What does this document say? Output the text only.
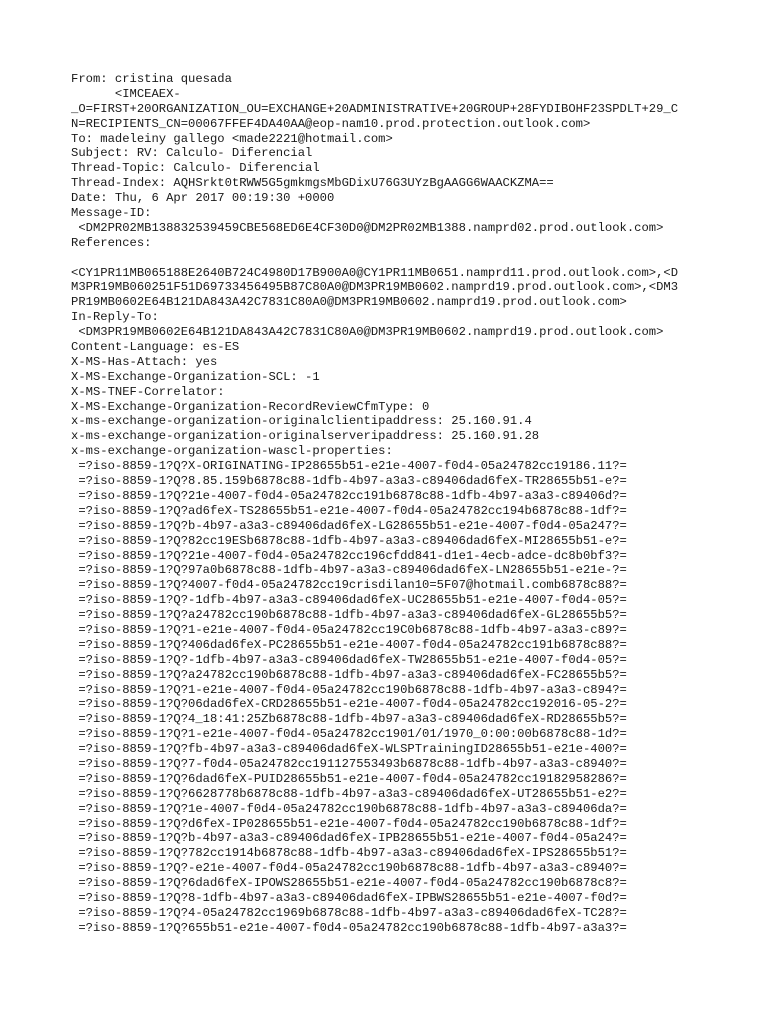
From: cristina quesada
<IMCEAEX-
_O=FIRST+20ORGANIZATION_OU=EXCHANGE+20ADMINISTRATIVE+20GROUP+28FYDIBOHF23SPDLT+29_C
N=RECIPIENTS_CN=00067FFEF4DA40AA@eop-nam10.prod.protection.outlook.com>
To: madeleiny gallego <made2221@hotmail.com>
Subject: RV: Calculo- Diferencial
Thread-Topic: Calculo- Diferencial
Thread-Index: AQHSrkt0tRWW5G5gmkmgsMbGDixU76G3UYzBgAAGG6WAACKZMA==
Date: Thu, 6 Apr 2017 00:19:30 +0000
Message-ID:
<DM2PR02MB138832539459CBE568ED6E4CF30D0@DM2PR02MB1388.namprd02.prod.outlook.com>
References:
<CY1PR11MB065188E2640B724C4980D17B900A0@CY1PR11MB0651.namprd11.prod.outlook.com>,<D
M3PR19MB060251F51D69733456495B87C80A0@DM3PR19MB0602.namprd19.prod.outlook.com>,<DM3
PR19MB0602E64B121DA843A42C7831C80A0@DM3PR19MB0602.namprd19.prod.outlook.com>
In-Reply-To:
<DM3PR19MB0602E64B121DA843A42C7831C80A0@DM3PR19MB0602.namprd19.prod.outlook.com>
Content-Language: es-ES
X-MS-Has-Attach: yes
X-MS-Exchange-Organization-SCL: -1
X-MS-TNEF-Correlator:
X-MS-Exchange-Organization-RecordReviewCfmType: 0
x-ms-exchange-organization-originalclientipaddress: 25.160.91.4
x-ms-exchange-organization-originalserveripaddress: 25.160.91.28
x-ms-exchange-organization-wascl-properties:
=?iso-8859-1?Q?X-ORIGINATING-IP28655b51-e21e-4007-f0d4-05a24782cc19186.11?=
=?iso-8859-1?Q?8.85.159b6878c88-1dfb-4b97-a3a3-c89406dad6feX-TR28655b51-e?=
=?iso-8859-1?Q?21e-4007-f0d4-05a24782cc191b6878c88-1dfb-4b97-a3a3-c89406d?=
=?iso-8859-1?Q?ad6feX-TS28655b51-e21e-4007-f0d4-05a24782cc194b6878c88-1df?=
=?iso-8859-1?Q?b-4b97-a3a3-c89406dad6feX-LG28655b51-e21e-4007-f0d4-05a247?=
=?iso-8859-1?Q?82cc19ESb6878c88-1dfb-4b97-a3a3-c89406dad6feX-MI28655b51-e?=
=?iso-8859-1?Q?21e-4007-f0d4-05a24782cc196cfdd841-d1e1-4ecb-adce-dc8b0bf3?=
=?iso-8859-1?Q?97a0b6878c88-1dfb-4b97-a3a3-c89406dad6feX-LN28655b51-e21e-?=
=?iso-8859-1?Q?4007-f0d4-05a24782cc19crisdilan10=5F07@hotmail.comb6878c88?=
=?iso-8859-1?Q?-1dfb-4b97-a3a3-c89406dad6feX-UC28655b51-e21e-4007-f0d4-05?=
=?iso-8859-1?Q?a24782cc190b6878c88-1dfb-4b97-a3a3-c89406dad6feX-GL28655b5?=
=?iso-8859-1?Q?1-e21e-4007-f0d4-05a24782cc19C0b6878c88-1dfb-4b97-a3a3-c89?=
=?iso-8859-1?Q?406dad6feX-PC28655b51-e21e-4007-f0d4-05a24782cc191b6878c88?=
=?iso-8859-1?Q?-1dfb-4b97-a3a3-c89406dad6feX-TW28655b51-e21e-4007-f0d4-05?=
=?iso-8859-1?Q?a24782cc190b6878c88-1dfb-4b97-a3a3-c89406dad6feX-FC28655b5?=
=?iso-8859-1?Q?1-e21e-4007-f0d4-05a24782cc190b6878c88-1dfb-4b97-a3a3-c894?=
=?iso-8859-1?Q?06dad6feX-CRD28655b51-e21e-4007-f0d4-05a24782cc192016-05-2?=
=?iso-8859-1?Q?4_18:41:25Zb6878c88-1dfb-4b97-a3a3-c89406dad6feX-RD28655b5?=
=?iso-8859-1?Q?1-e21e-4007-f0d4-05a24782cc1901/01/1970_0:00:00b6878c88-1d?=
=?iso-8859-1?Q?fb-4b97-a3a3-c89406dad6feX-WLSPTrainingID28655b51-e21e-400?=
=?iso-8859-1?Q?7-f0d4-05a24782cc191127553493b6878c88-1dfb-4b97-a3a3-c8940?=
=?iso-8859-1?Q?6dad6feX-PUID28655b51-e21e-4007-f0d4-05a24782cc19182958286?=
=?iso-8859-1?Q?6628778b6878c88-1dfb-4b97-a3a3-c89406dad6feX-UT28655b51-e2?=
=?iso-8859-1?Q?1e-4007-f0d4-05a24782cc190b6878c88-1dfb-4b97-a3a3-c89406da?=
=?iso-8859-1?Q?d6feX-IP028655b51-e21e-4007-f0d4-05a24782cc190b6878c88-1df?=
=?iso-8859-1?Q?b-4b97-a3a3-c89406dad6feX-IPB28655b51-e21e-4007-f0d4-05a24?=
=?iso-8859-1?Q?782cc1914b6878c88-1dfb-4b97-a3a3-c89406dad6feX-IPS28655b51?=
=?iso-8859-1?Q?-e21e-4007-f0d4-05a24782cc190b6878c88-1dfb-4b97-a3a3-c8940?=
=?iso-8859-1?Q?6dad6feX-IPOWS28655b51-e21e-4007-f0d4-05a24782cc190b6878c8?=
=?iso-8859-1?Q?8-1dfb-4b97-a3a3-c89406dad6feX-IPBWS28655b51-e21e-4007-f0d?=
=?iso-8859-1?Q?4-05a24782cc1969b6878c88-1dfb-4b97-a3a3-c89406dad6feX-TC28?=
=?iso-8859-1?Q?655b51-e21e-4007-f0d4-05a24782cc190b6878c88-1dfb-4b97-a3a3?=
